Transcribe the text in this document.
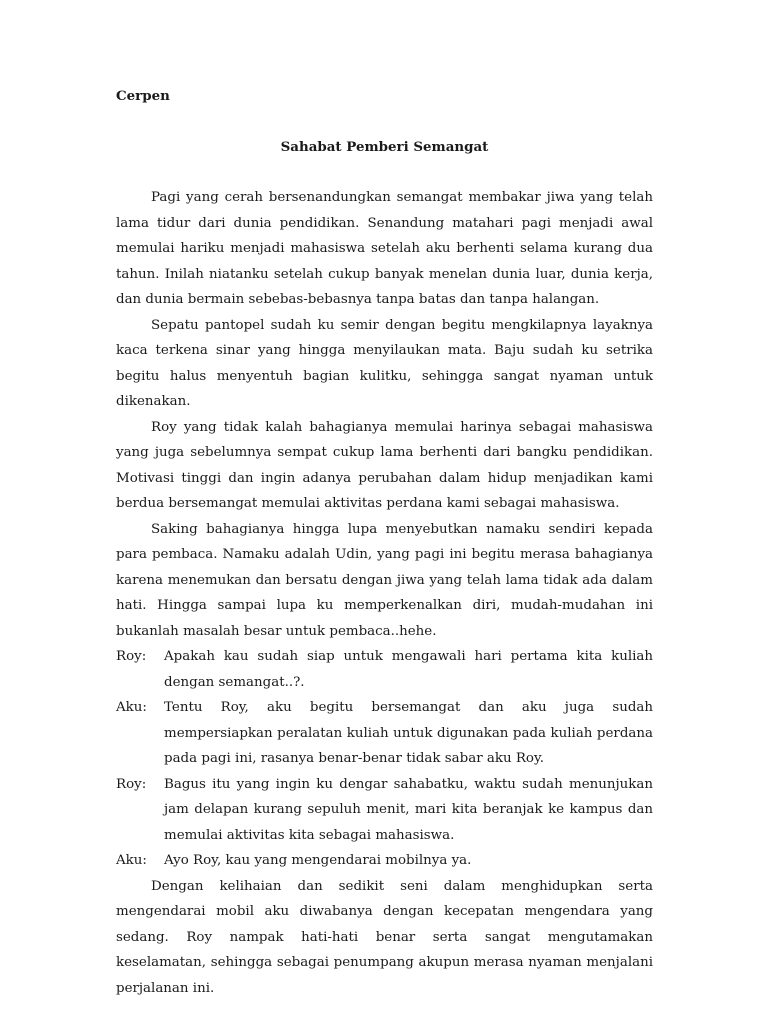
Cerpen

Sahabat Pemberi Semangat

Pagi yang cerah bersenandungkan semangat membakar jiwa yang telah lama tidur dari dunia pendidikan. Senandung matahari pagi menjadi awal memulai hariku menjadi mahasiswa setelah aku berhenti selama kurang dua tahun. Inilah niatanku setelah cukup banyak menelan dunia luar, dunia kerja, dan dunia bermain sebebas-bebasnya tanpa batas dan tanpa halangan.

Sepatu pantopel sudah ku semir dengan begitu mengkilapnya layaknya kaca terkena sinar yang hingga menyilaukan mata. Baju sudah ku setrika begitu halus menyentuh bagian kulitku, sehingga sangat nyaman untuk dikenakan.

Roy yang tidak kalah bahagianya memulai harinya sebagai mahasiswa yang juga sebelumnya sempat cukup lama berhenti dari bangku pendidikan. Motivasi tinggi dan ingin adanya perubahan dalam hidup menjadikan kami berdua bersemangat memulai aktivitas perdana kami sebagai mahasiswa.

Saking bahagianya hingga lupa menyebutkan namaku sendiri kepada para pembaca. Namaku adalah Udin, yang pagi ini begitu merasa bahagianya karena menemukan dan bersatu dengan jiwa yang telah lama tidak ada dalam hati. Hingga sampai lupa ku memperkenalkan diri, mudah-mudahan ini bukanlah masalah besar untuk pembaca..hehe.

Roy:	Apakah kau sudah siap untuk mengawali hari pertama kita kuliah dengan semangat..?.
Aku:	Tentu Roy, aku begitu bersemangat dan aku juga sudah mempersiapkan peralatan kuliah untuk digunakan pada kuliah perdana pada pagi ini, rasanya benar-benar tidak sabar aku Roy.
Roy:	Bagus itu yang ingin ku dengar sahabatku, waktu sudah menunjukan jam delapan kurang sepuluh menit, mari kita beranjak ke kampus dan memulai aktivitas kita sebagai mahasiswa.
Aku:	Ayo Roy, kau yang mengendarai mobilnya ya.

Dengan kelihaian dan sedikit seni dalam menghidupkan serta mengendarai mobil aku diwabanya dengan kecepatan mengendara yang sedang. Roy nampak hati-hati benar serta sangat mengutamakan keselamatan, sehingga sebagai penumpang akupun merasa nyaman menjalani perjalanan ini.
